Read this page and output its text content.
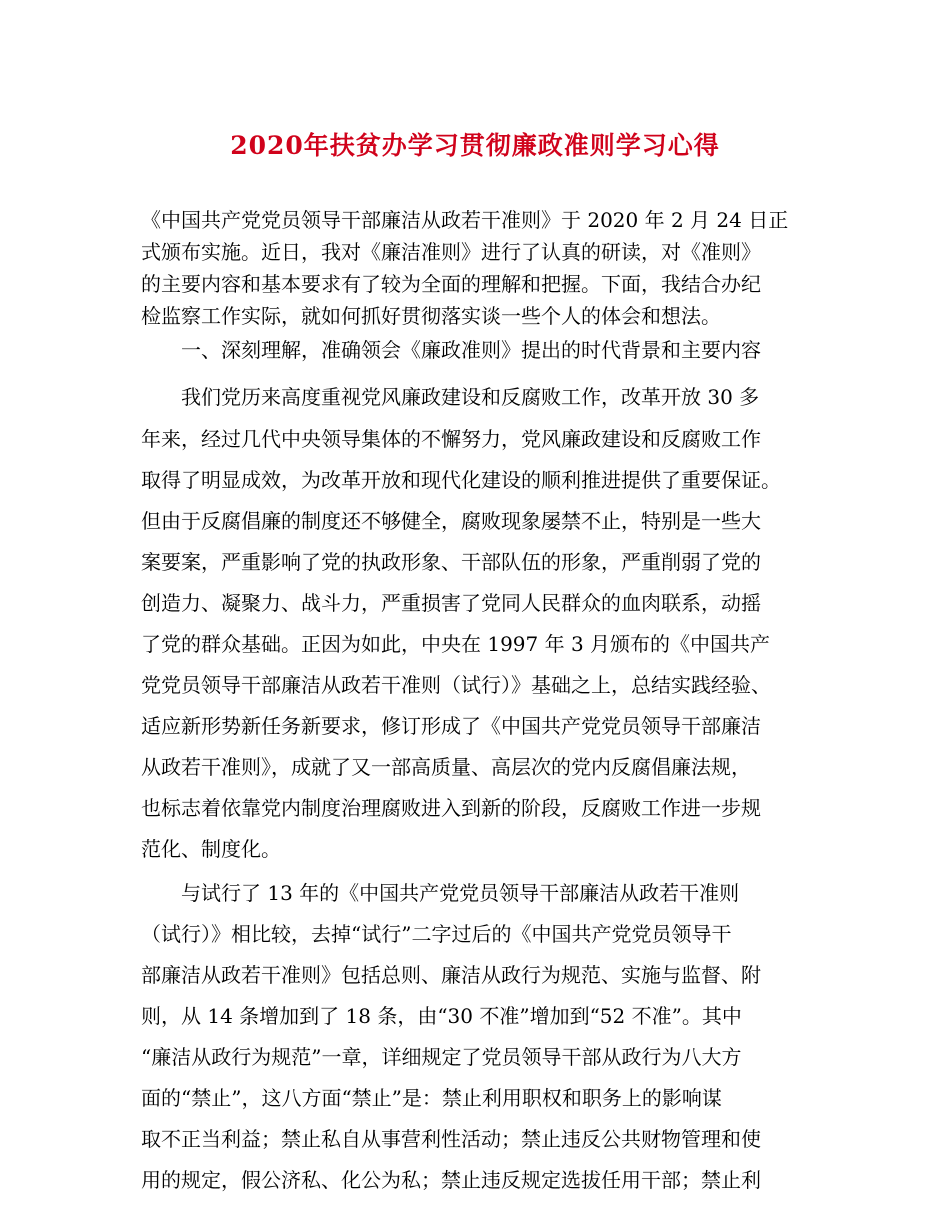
2020年扶贫办学习贯彻廉政准则学习心得
《中国共产党党员领导干部廉洁从政若干准则》于 2020 年 2 月 24 日正
式颁布实施。近日，我对《廉洁准则》进行了认真的研读，对《准则》
的主要内容和基本要求有了较为全面的理解和把握。下面，我结合办纪
检监察工作实际，就如何抓好贯彻落实谈一些个人的体会和想法。
　　一、深刻理解，准确领会《廉政准则》提出的时代背景和主要内容
　　我们党历来高度重视党风廉政建设和反腐败工作，改革开放 30 多
年来，经过几代中央领导集体的不懈努力，党风廉政建设和反腐败工作
取得了明显成效，为改革开放和现代化建设的顺利推进提供了重要保证。
但由于反腐倡廉的制度还不够健全，腐败现象屡禁不止，特别是一些大
案要案，严重影响了党的执政形象、干部队伍的形象，严重削弱了党的
创造力、凝聚力、战斗力，严重损害了党同人民群众的血肉联系，动摇
了党的群众基础。正因为如此，中央在 1997 年 3 月颁布的《中国共产
党党员领导干部廉洁从政若干准则（试行）》基础之上，总结实践经验、
适应新形势新任务新要求，修订形成了《中国共产党党员领导干部廉洁
从政若干准则》，成就了又一部高质量、高层次的党内反腐倡廉法规，
也标志着依靠党内制度治理腐败进入到新的阶段，反腐败工作进一步规
范化、制度化。
　　与试行了 13 年的《中国共产党党员领导干部廉洁从政若干准则
（试行）》相比较，去掉“试行”二字过后的《中国共产党党员领导干
部廉洁从政若干准则》包括总则、廉洁从政行为规范、实施与监督、附
则，从 14 条增加到了 18 条，由“30 不准”增加到“52 不准”。其中
“廉洁从政行为规范”一章，详细规定了党员领导干部从政行为八大方
面的“禁止”，这八方面“禁止”是：禁止利用职权和职务上的影响谋
取不正当利益；禁止私自从事营利性活动；禁止违反公共财物管理和使
用的规定，假公济私、化公为私；禁止违反规定选拔任用干部；禁止利
